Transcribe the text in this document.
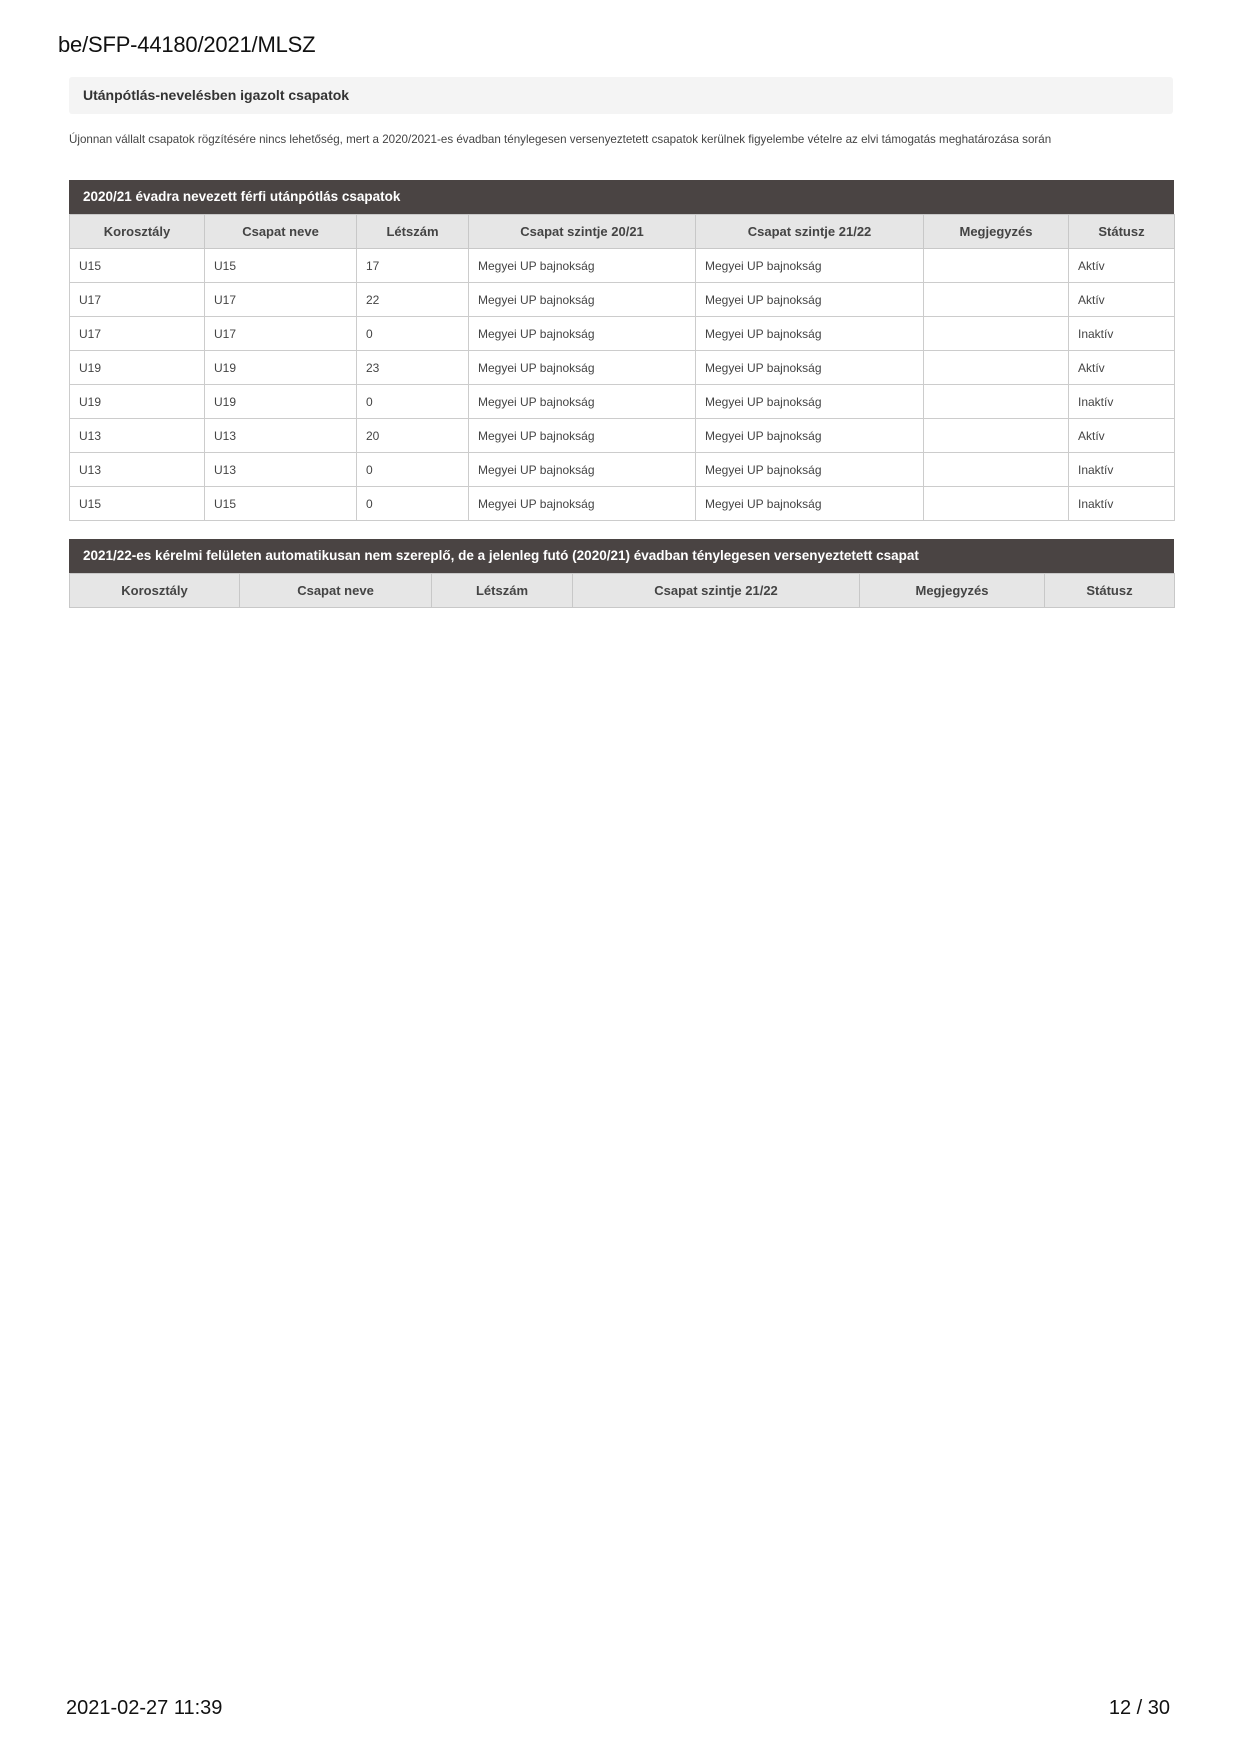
be/SFP-44180/2021/MLSZ
Utánpótlás-nevelésben igazolt csapatok
Újonnan vállalt csapatok rögzítésére nincs lehetőség, mert a 2020/2021-es évadban ténylegesen versenyeztetett csapatok kerülnek figyelembe vételre az elvi támogatás meghatározása során
2020/21 évadra nevezett férfi utánpótlás csapatok
Korosztály	Csapat neve	Létszám	Csapat szintje 20/21	Csapat szintje 21/22	Megjegyzés	Státusz
U15	U15	17	Megyei UP bajnokság	Megyei UP bajnokság		Aktív
U17	U17	22	Megyei UP bajnokság	Megyei UP bajnokság		Aktív
U17	U17	0	Megyei UP bajnokság	Megyei UP bajnokság		Inaktív
U19	U19	23	Megyei UP bajnokság	Megyei UP bajnokság		Aktív
U19	U19	0	Megyei UP bajnokság	Megyei UP bajnokság		Inaktív
U13	U13	20	Megyei UP bajnokság	Megyei UP bajnokság		Aktív
U13	U13	0	Megyei UP bajnokság	Megyei UP bajnokság		Inaktív
U15	U15	0	Megyei UP bajnokság	Megyei UP bajnokság		Inaktív
2021/22-es kérelmi felületen automatikusan nem szereplő, de a jelenleg futó (2020/21) évadban ténylegesen versenyeztetett csapat
Korosztály	Csapat neve	Létszám	Csapat szintje 21/22	Megjegyzés	Státusz
2021-02-27 11:39	12 / 30
